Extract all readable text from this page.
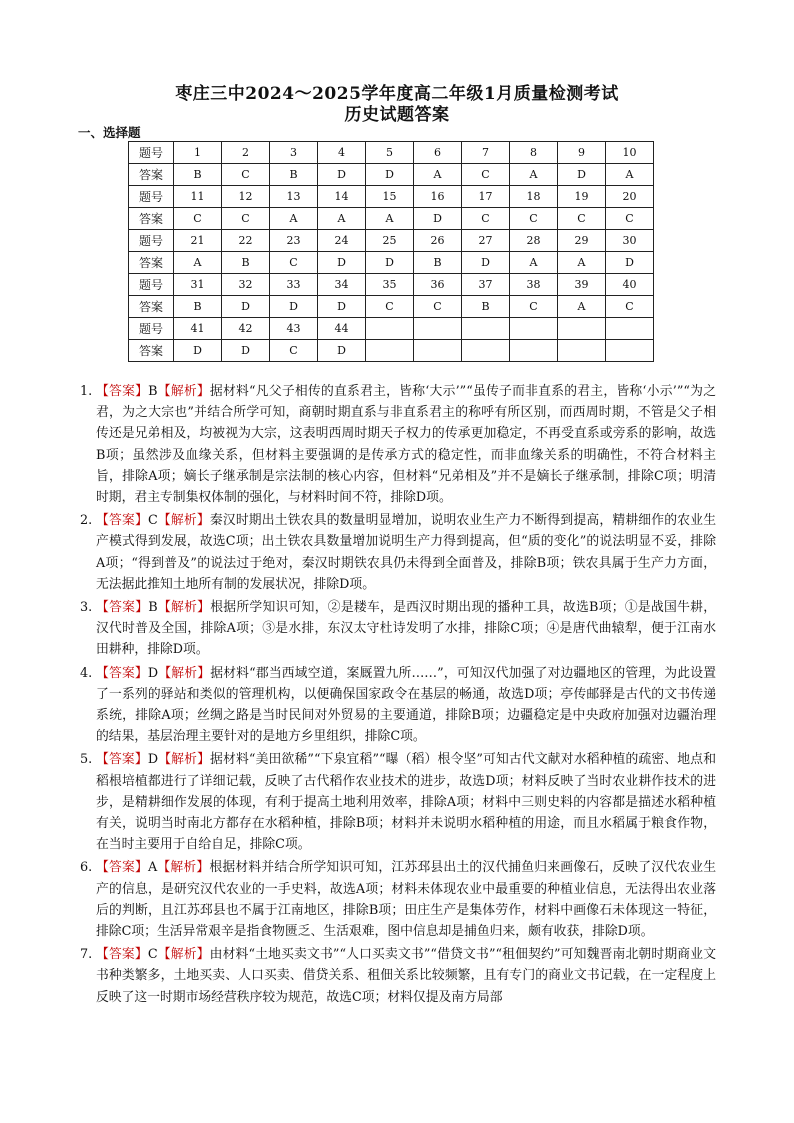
枣庄三中2024～2025学年度高二年级1月质量检测考试
历史试题答案
一、选择题
题号	1	2	3	4	5	6	7	8	9	10
答案	B	C	B	D	D	A	C	A	D	A
题号	11	12	13	14	15	16	17	18	19	20
答案	C	C	A	A	A	D	C	C	C	C
题号	21	22	23	24	25	26	27	28	29	30
答案	A	B	C	D	D	B	D	A	A	D
题号	31	32	33	34	35	36	37	38	39	40
答案	B	D	D	D	C	C	B	C	A	C
题号	41	42	43	44						
答案	D	D	C	D						
1. 【答案】B【解析】据材料“凡父子相传的直系君主，皆称‘大示’”“虽传子而非直系的君主，皆称‘小示’”“为之君，为之大宗也”并结合所学可知，商朝时期直系与非直系君主的称呼有所区别，而西周时期，不管是父子相传还是兄弟相及，均被视为大宗，这表明西周时期天子权力的传承更加稳定，不再受直系或旁系的影响，故选B项；虽然涉及血缘关系，但材料主要强调的是传承方式的稳定性，而非血缘关系的明确性，不符合材料主旨，排除A项；嫡长子继承制是宗法制的核心内容，但材料“兄弟相及”并不是嫡长子继承制，排除C项；明清时期，君主专制集权体制的强化，与材料时间不符，排除D项。
2. 【答案】C【解析】秦汉时期出土铁农具的数量明显增加，说明农业生产力不断得到提高，精耕细作的农业生产模式得到发展，故选C项；出土铁农具数量增加说明生产力得到提高，但“质的变化”的说法明显不妥，排除A项；“得到普及”的说法过于绝对，秦汉时期铁农具仍未得到全面普及，排除B项；铁农具属于生产力方面，无法据此推知土地所有制的发展状况，排除D项。
3. 【答案】B【解析】根据所学知识可知，②是耧车，是西汉时期出现的播种工具，故选B项；①是战国牛耕，汉代时普及全国，排除A项；③是水排，东汉太守杜诗发明了水排，排除C项；④是唐代曲辕犁，便于江南水田耕种，排除D项。
4. 【答案】D【解析】据材料“郡当西域空道，案厩置九所……”，可知汉代加强了对边疆地区的管理，为此设置了一系列的驿站和类似的管理机构，以便确保国家政令在基层的畅通，故选D项；亭传邮驿是古代的文书传递系统，排除A项；丝绸之路是当时民间对外贸易的主要通道，排除B项；边疆稳定是中央政府加强对边疆治理的结果，基层治理主要针对的是地方乡里组织，排除C项。
5. 【答案】D【解析】据材料“美田欲稀”“下泉宜稻”“曝（稻）根令坚”可知古代文献对水稻种植的疏密、地点和稻根培植都进行了详细记载，反映了古代稻作农业技术的进步，故选D项；材料反映了当时农业耕作技术的进步，是精耕细作发展的体现，有利于提高土地利用效率，排除A项；材料中三则史料的内容都是描述水稻种植有关，说明当时南北方都存在水稻种植，排除B项；材料并未说明水稻种植的用途，而且水稻属于粮食作物，在当时主要用于自给自足，排除C项。
6. 【答案】A【解析】根据材料并结合所学知识可知，江苏邳县出土的汉代捕鱼归来画像石，反映了汉代农业生产的信息，是研究汉代农业的一手史料，故选A项；材料未体现农业中最重要的种植业信息，无法得出农业落后的判断，且江苏邳县也不属于江南地区，排除B项；田庄生产是集体劳作，材料中画像石未体现这一特征，排除C项；生活异常艰辛是指食物匮乏、生活艰难，图中信息却是捕鱼归来，颇有收获，排除D项。
7. 【答案】C【解析】由材料“土地买卖文书”“人口买卖文书”“借贷文书”“租佃契约”可知魏晋南北朝时期商业文书种类繁多，土地买卖、人口买卖、借贷关系、租佃关系比较频繁，且有专门的商业文书记载，在一定程度上反映了这一时期市场经营秩序较为规范，故选C项；材料仅提及南方局部
